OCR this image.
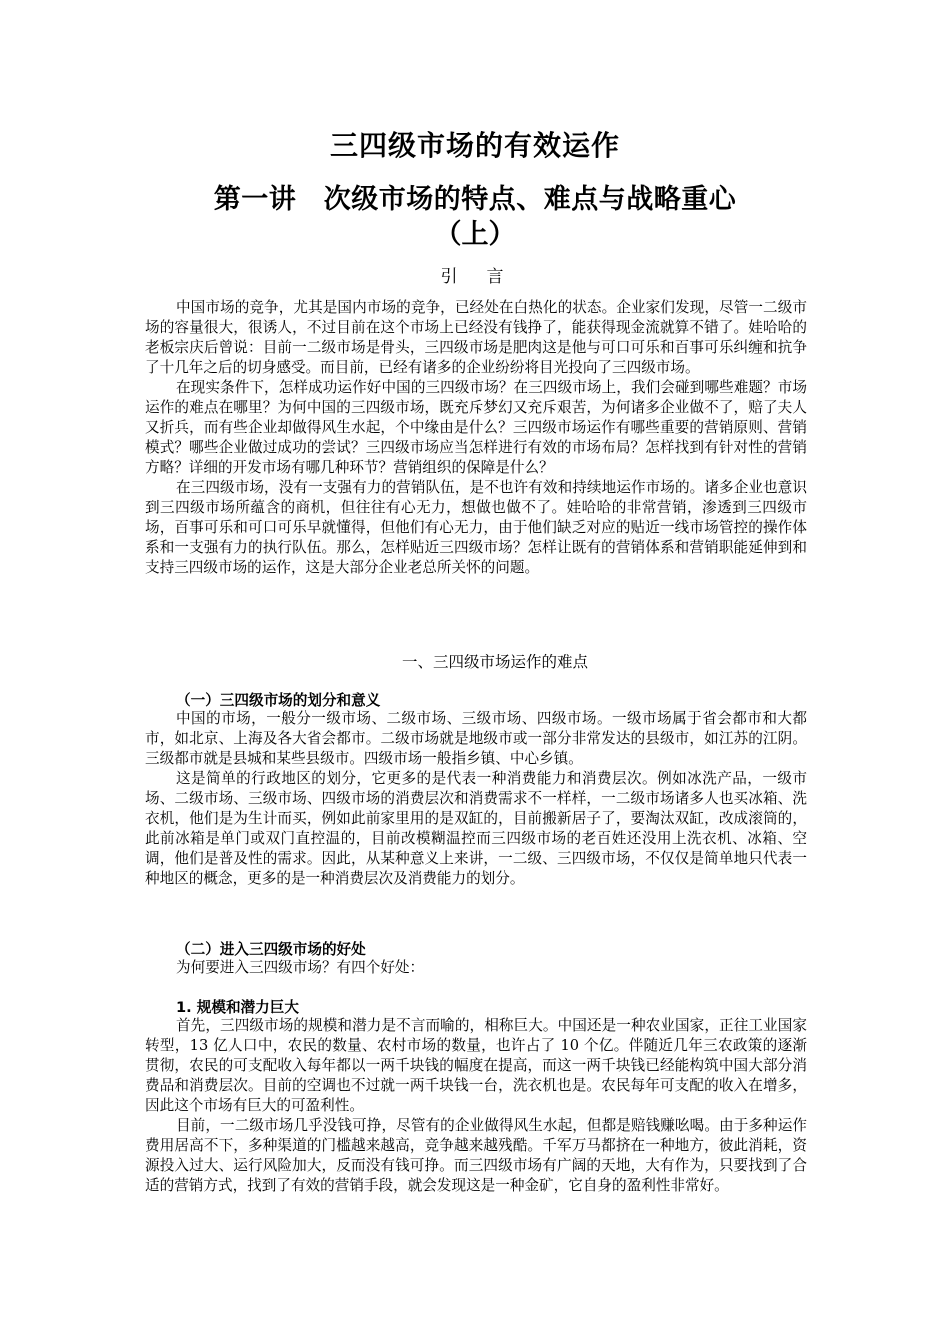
三四级市场的有效运作
第一讲　次级市场的特点、难点与战略重心
（上）
引　言

中国市场的竞争，尤其是国内市场的竞争，已经处在白热化的状态。企业家们发现，尽管一二级市场的容量很大，很诱人，不过目前在这个市场上已经没有钱挣了，能获得现金流就算不错了。娃哈哈的老板宗庆后曾说：目前一二级市场是骨头，三四级市场是肥肉这是他与可口可乐和百事可乐纠缠和抗争了十几年之后的切身感受。而目前，已经有诸多的企业纷纷将目光投向了三四级市场。

在现实条件下，怎样成功运作好中国的三四级市场？在三四级市场上，我们会碰到哪些难题？市场运作的难点在哪里？为何中国的三四级市场，既充斥梦幻又充斥艰苦，为何诸多企业做不了，赔了夫人又折兵，而有些企业却做得风生水起，个中缘由是什么？三四级市场运作有哪些重要的营销原则、营销模式？哪些企业做过成功的尝试？三四级市场应当怎样进行有效的市场布局？怎样找到有针对性的营销方略？详细的开发市场有哪几种环节？营销组织的保障是什么？

在三四级市场，没有一支强有力的营销队伍，是不也许有效和持续地运作市场的。诸多企业也意识到三四级市场所蕴含的商机，但往往有心无力，想做也做不了。娃哈哈的非常营销，渗透到三四级市场，百事可乐和可口可乐早就懂得，但他们有心无力，由于他们缺乏对应的贴近一线市场管控的操作体系和一支强有力的执行队伍。那么，怎样贴近三四级市场？怎样让既有的营销体系和营销职能延伸到和支持三四级市场的运作，这是大部分企业老总所关怀的问题。

一、三四级市场运作的难点
（一）三四级市场的划分和意义

中国的市场，一般分一级市场、二级市场、三级市场、四级市场。一级市场属于省会都市和大都市，如北京、上海及各大省会都市。二级市场就是地级市或一部分非常发达的县级市，如江苏的江阴。三级都市就是县城和某些县级市。四级市场一般指乡镇、中心乡镇。

这是简单的行政地区的划分，它更多的是代表一种消费能力和消费层次。例如冰洗产品，一级市场、二级市场、三级市场、四级市场的消费层次和消费需求不一样样，一二级市场诸多人也买冰箱、洗衣机，他们是为生计而买，例如此前家里用的是双缸的，目前搬新居子了，要淘汰双缸，改成滚筒的，此前冰箱是单门或双门直控温的，目前改模糊温控而三四级市场的老百姓还没用上洗衣机、冰箱、空调，他们是普及性的需求。因此，从某种意义上来讲，一二级、三四级市场，不仅仅是简单地只代表一种地区的概念，更多的是一种消费层次及消费能力的划分。

（二）进入三四级市场的好处

为何要进入三四级市场？有四个好处：

1. 规模和潜力巨大

首先，三四级市场的规模和潜力是不言而喻的，相称巨大。中国还是一种农业国家，正往工业国家转型，13 亿人口中，农民的数量、农村市场的数量，也许占了 10 个亿。伴随近几年三农政策的逐渐贯彻，农民的可支配收入每年都以一两千块钱的幅度在提高，而这一两千块钱已经能构筑中国大部分消费品和消费层次。目前的空调也不过就一两千块钱一台，洗衣机也是。农民每年可支配的收入在增多，因此这个市场有巨大的可盈利性。

目前，一二级市场几乎没钱可挣，尽管有的企业做得风生水起，但都是赔钱赚吆喝。由于多种运作费用居高不下，多种渠道的门槛越来越高，竞争越来越残酷。千军万马都挤在一种地方，彼此消耗，资源投入过大、运行风险加大，反而没有钱可挣。而三四级市场有广阔的天地，大有作为，只要找到了合适的营销方式，找到了有效的营销手段，就会发现这是一种金矿，它自身的盈利性非常好。
